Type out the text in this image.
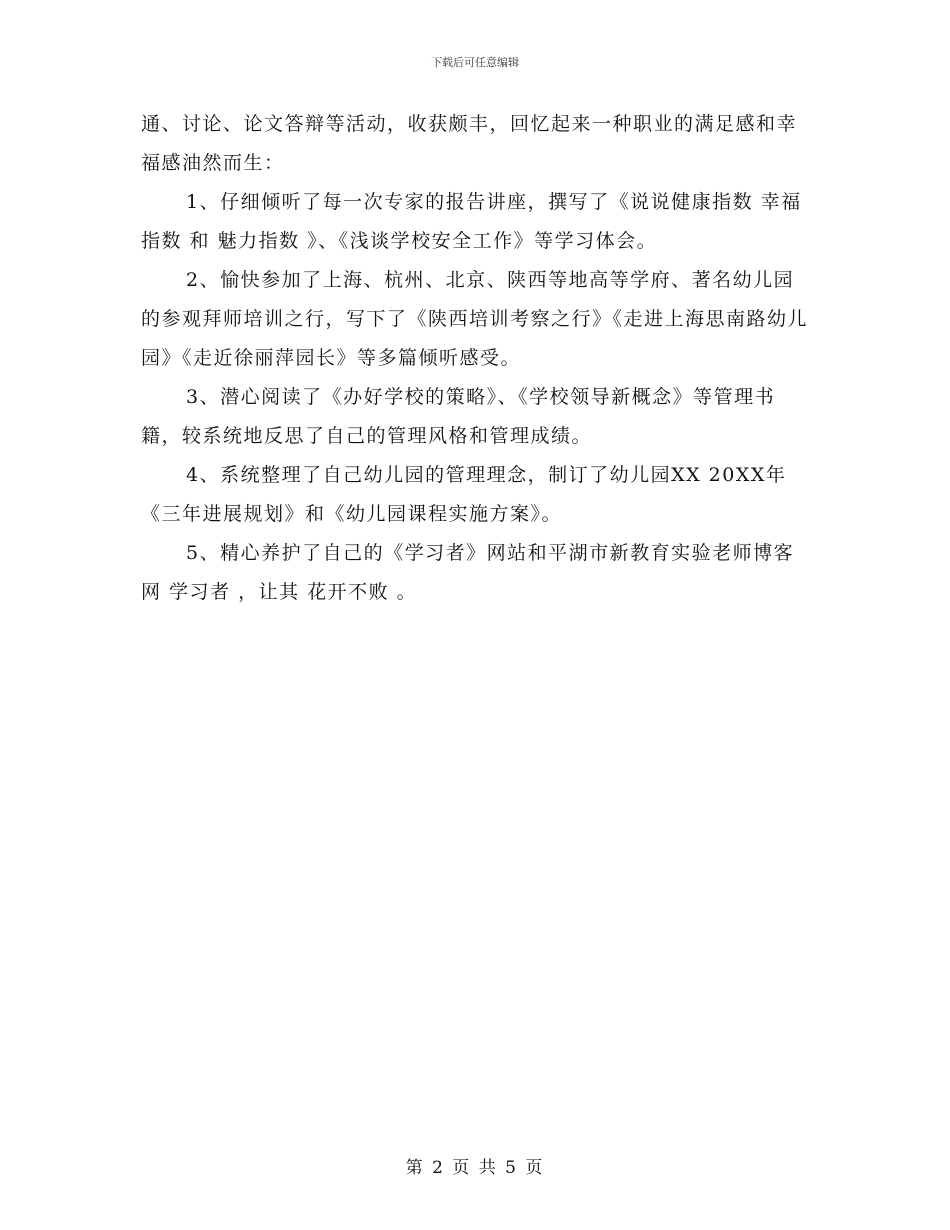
下载后可任意编辑

通、讨论、论文答辩等活动，收获颇丰，回忆起来一种职业的满足感和幸福感油然而生：

1、仔细倾听了每一次专家的报告讲座，撰写了《说说健康指数 幸福指数 和 魅力指数 》、《浅谈学校安全工作》等学习体会。

2、愉快参加了上海、杭州、北京、陕西等地高等学府、著名幼儿园的参观拜师培训之行，写下了《陕西培训考察之行》《走进上海思南路幼儿园》《走近徐丽萍园长》等多篇倾听感受。

3、潜心阅读了《办好学校的策略》、《学校领导新概念》等管理书籍，较系统地反思了自己的管理风格和管理成绩。

4、系统整理了自己幼儿园的管理理念，制订了幼儿园XX 20XX年《三年进展规划》和《幼儿园课程实施方案》。

5、精心养护了自己的《学习者》网站和平湖市新教育实验老师博客网 学习者 ，让其 花开不败 。

第 2 页 共 5 页
